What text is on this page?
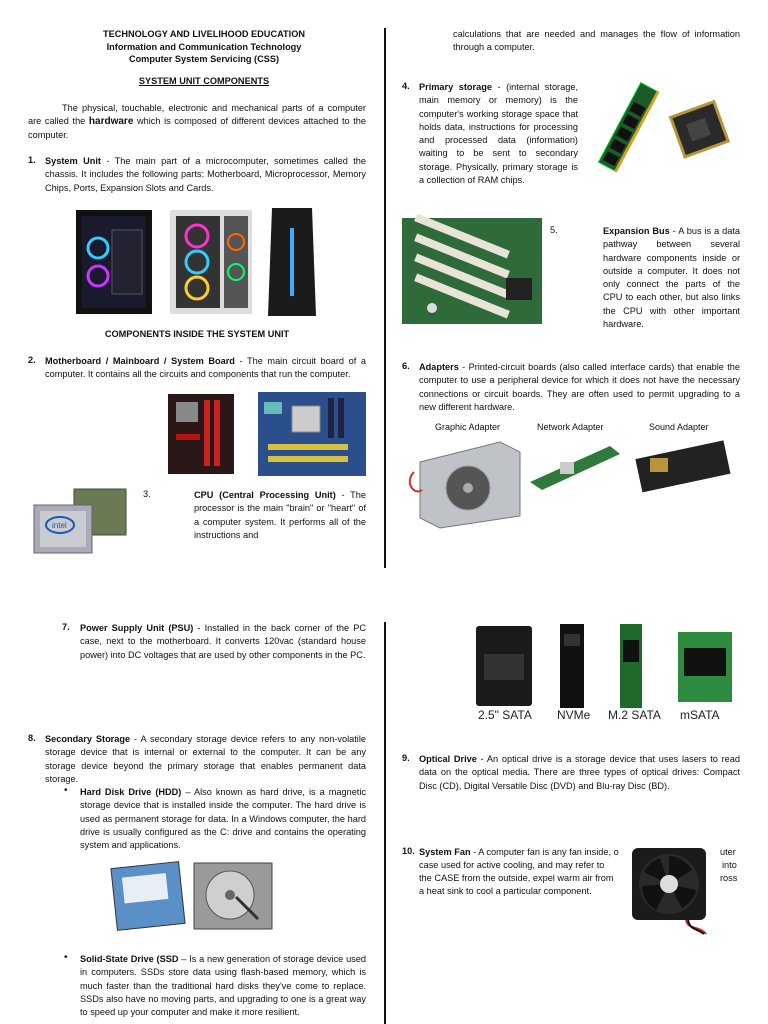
TECHNOLOGY AND LIVELIHOOD EDUCATION
Information and Communication Technology
Computer System Servicing (CSS)
SYSTEM UNIT COMPONENTS
The physical, touchable, electronic and mechanical parts of a computer are called the hardware which is composed of different devices attached to the computer.
1. System Unit - The main part of a microcomputer, sometimes called the chassis. It includes the following parts: Motherboard, Microprocessor, Memory Chips, Ports, Expansion Slots and Cards.
COMPONENTS INSIDE THE SYSTEM UNIT
2. Motherboard / Mainboard / System Board - The main circuit board of a computer. It contains all the circuits and components that run the computer.
intel
3.	CPU (Central Processing Unit) - The processor is the main "brain" or "heart" of a computer system. It performs all of the instructions and
calculations that are needed and manages the flow of information through a computer.
4. Primary storage - (internal storage, main memory or memory) is the computer's working storage space that holds data, instructions for processing and processed data (information) waiting to be sent to secondary storage. Physically, primary storage is a collection of RAM chips.
5.	Expansion Bus - A bus is a data pathway between several hardware components inside or outside a computer. It does not only connect the parts of the CPU to each other, but also links the CPU with other important hardware.
6. Adapters - Printed-circuit boards (also called interface cards) that enable the computer to use a peripheral device for which it does not have the necessary connections or circuit boards. They are often used to permit upgrading to a new different hardware.
Graphic Adapter	Network Adapter	Sound Adapter
7. Power Supply Unit (PSU) - Installed in the back corner of the PC case, next to the motherboard. It converts 120vac (standard house power) into DC voltages that are used by other components in the PC.
8. Secondary Storage - A secondary storage device refers to any non-volatile storage device that is internal or external to the computer. It can be any storage device beyond the primary storage that enables permanent data storage.
• Hard Disk Drive (HDD) – Also known as hard drive, is a magnetic storage device that is installed inside the computer. The hard drive is used as permanent storage for data. In a Windows computer, the hard drive is usually configured as the C: drive and contains the operating system and applications.
• Solid-State Drive (SSD – Is a new generation of storage device used in computers. SSDs store data using flash-based memory, which is much faster than the traditional hard disks they've come to replace. SSDs also have no moving parts, and upgrading to one is a great way to speed up your computer and make it more resilient.
2.5" SATA NVMe M.2 SATA mSATA
9. Optical Drive - An optical drive is a storage device that uses lasers to read data on the optical media. There are three types of optical drives: Compact Disc (CD), Digital Versatile Disc (DVD) and Blu-ray Disc (BD).
10. System Fan - A computer fan is any fan inside, o	uter
case used for active cooling, and may refer to	into
the CASE from the outside, expel warm air from	ross
a heat sink to cool a particular component.
